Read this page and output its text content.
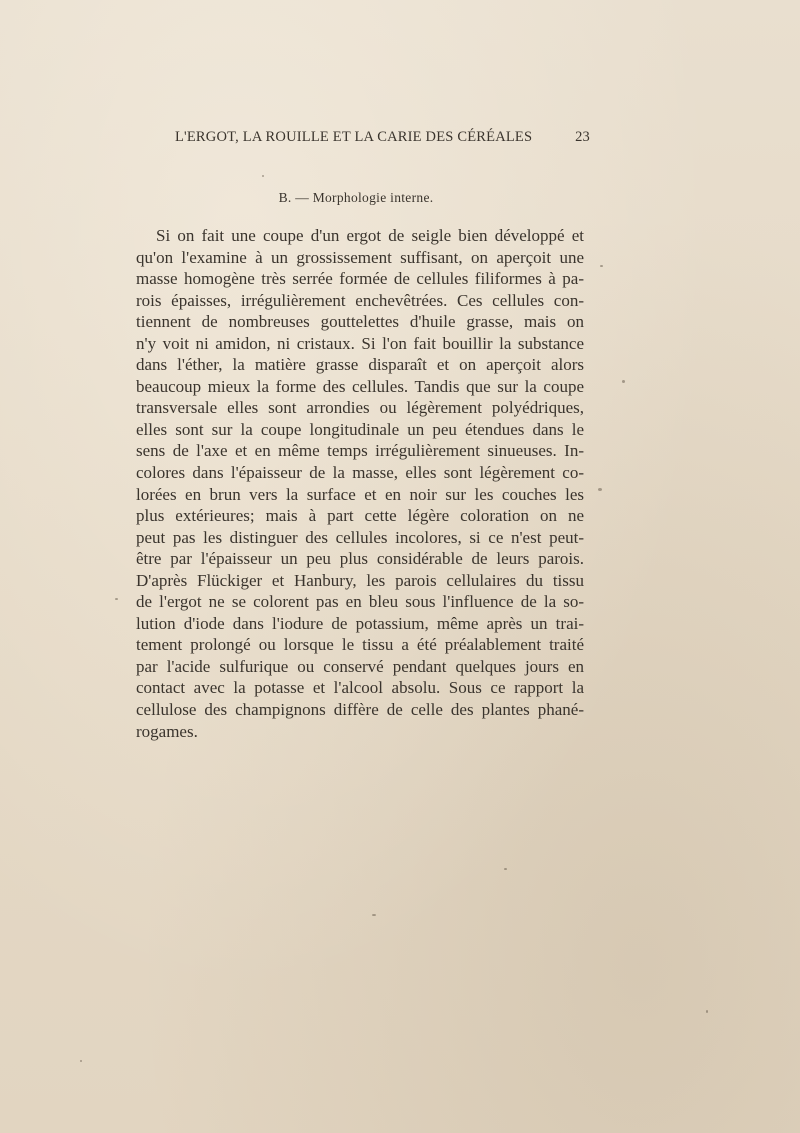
L'ERGOT, LA ROUILLE ET LA CARIE DES CÉRÉALES	23
B. — Morphologie interne.
Si on fait une coupe d'un ergot de seigle bien développé et
qu'on l'examine à un grossissement suffisant, on aperçoit une
masse homogène très serrée formée de cellules filiformes à pa-
rois épaisses, irrégulièrement enchevêtrées. Ces cellules con-
tiennent de nombreuses gouttelettes d'huile grasse, mais on
n'y voit ni amidon, ni cristaux. Si l'on fait bouillir la substance
dans l'éther, la matière grasse disparaît et on aperçoit alors
beaucoup mieux la forme des cellules. Tandis que sur la coupe
transversale elles sont arrondies ou légèrement polyédriques,
elles sont sur la coupe longitudinale un peu étendues dans le
sens de l'axe et en même temps irrégulièrement sinueuses. In-
colores dans l'épaisseur de la masse, elles sont légèrement co-
lorées en brun vers la surface et en noir sur les couches les
plus extérieures; mais à part cette légère coloration on ne
peut pas les distinguer des cellules incolores, si ce n'est peut-
être par l'épaisseur un peu plus considérable de leurs parois.
D'après Flückiger et Hanbury, les parois cellulaires du tissu
de l'ergot ne se colorent pas en bleu sous l'influence de la so-
lution d'iode dans l'iodure de potassium, même après un trai-
tement prolongé ou lorsque le tissu a été préalablement traité
par l'acide sulfurique ou conservé pendant quelques jours en
contact avec la potasse et l'alcool absolu. Sous ce rapport la
cellulose des champignons diffère de celle des plantes phané-
rogames.
